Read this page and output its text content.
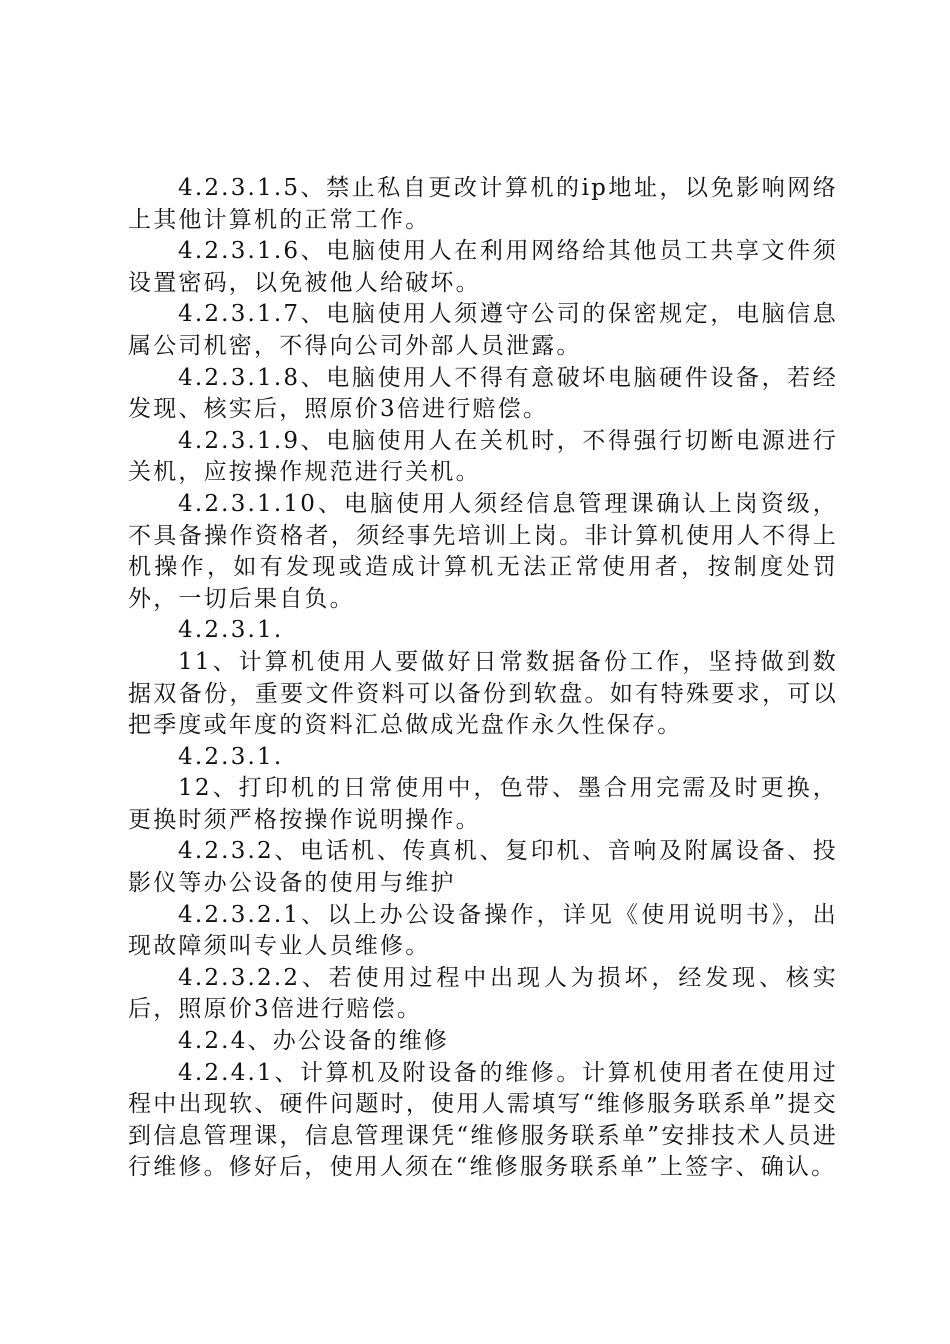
4.2.3.1.5、禁止私自更改计算机的ip地址，以免影响网络上其他计算机的正常工作。

4.2.3.1.6、电脑使用人在利用网络给其他员工共享文件须设置密码，以免被他人给破坏。

4.2.3.1.7、电脑使用人须遵守公司的保密规定，电脑信息属公司机密，不得向公司外部人员泄露。

4.2.3.1.8、电脑使用人不得有意破坏电脑硬件设备，若经发现、核实后，照原价3倍进行赔偿。

4.2.3.1.9、电脑使用人在关机时，不得强行切断电源进行关机，应按操作规范进行关机。

4.2.3.1.10、电脑使用人须经信息管理课确认上岗资级，不具备操作资格者，须经事先培训上岗。非计算机使用人不得上机操作，如有发现或造成计算机无法正常使用者，按制度处罚外，一切后果自负。

4.2.3.1.

11、计算机使用人要做好日常数据备份工作，坚持做到数据双备份，重要文件资料可以备份到软盘。如有特殊要求，可以把季度或年度的资料汇总做成光盘作永久性保存。

4.2.3.1.

12、打印机的日常使用中，色带、墨合用完需及时更换，更换时须严格按操作说明操作。

4.2.3.2、电话机、传真机、复印机、音响及附属设备、投影仪等办公设备的使用与维护

4.2.3.2.1、以上办公设备操作，详见《使用说明书》，出现故障须叫专业人员维修。

4.2.3.2.2、若使用过程中出现人为损坏，经发现、核实后，照原价3倍进行赔偿。

4.2.4、办公设备的维修

4.2.4.1、计算机及附设备的维修。计算机使用者在使用过程中出现软、硬件问题时，使用人需填写“维修服务联系单”提交到信息管理课，信息管理课凭“维修服务联系单”安排技术人员进行维修。修好后，使用人须在“维修服务联系单”上签字、确认。
